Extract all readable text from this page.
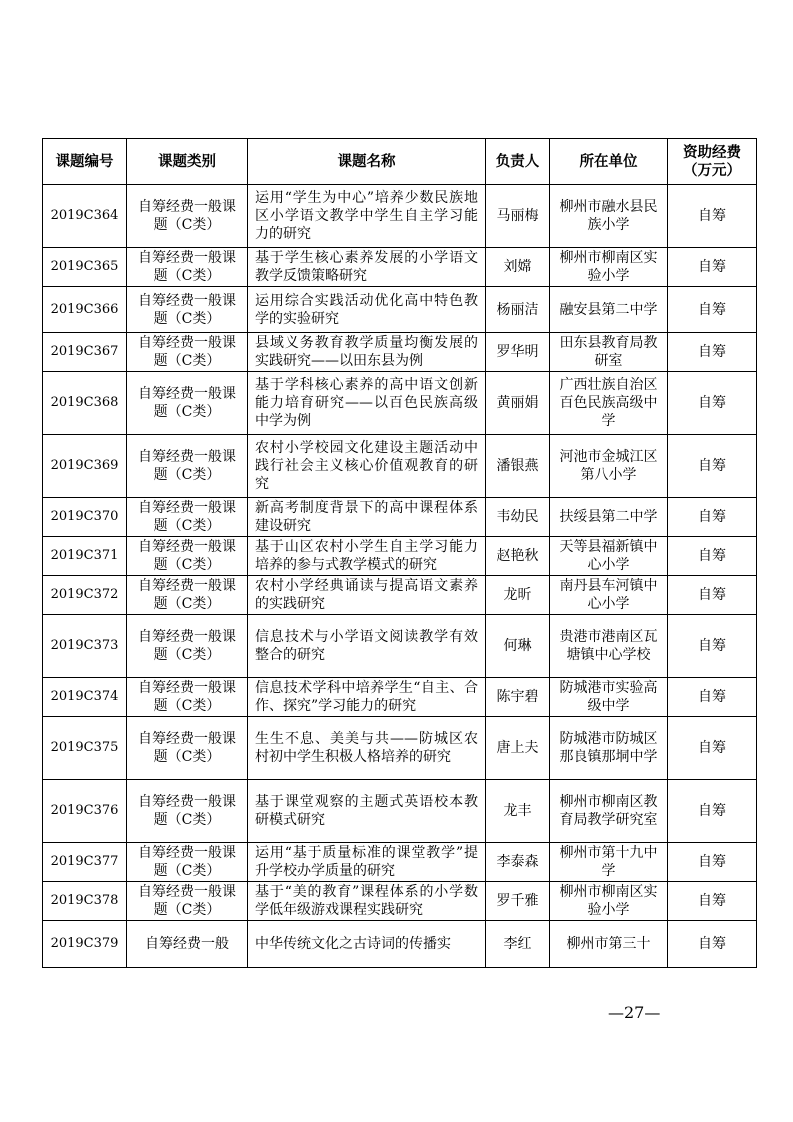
课题编号	课题类别	课题名称	负责人	所在单位	资助经费（万元）
2019C364	自筹经费一般课题（C类）	运用“学生为中心”培养少数民族地区小学语文教学中学生自主学习能力的研究	马丽梅	柳州市融水县民族小学	自筹
2019C365	自筹经费一般课题（C类）	基于学生核心素养发展的小学语文教学反馈策略研究	刘嫦	柳州市柳南区实验小学	自筹
2019C366	自筹经费一般课题（C类）	运用综合实践活动优化高中特色教学的实验研究	杨丽洁	融安县第二中学	自筹
2019C367	自筹经费一般课题（C类）	县域义务教育教学质量均衡发展的实践研究——以田东县为例	罗华明	田东县教育局教研室	自筹
2019C368	自筹经费一般课题（C类）	基于学科核心素养的高中语文创新能力培育研究——以百色民族高级中学为例	黄丽娟	广西壮族自治区百色民族高级中学	自筹
2019C369	自筹经费一般课题（C类）	农村小学校园文化建设主题活动中践行社会主义核心价值观教育的研究	潘银燕	河池市金城江区第八小学	自筹
2019C370	自筹经费一般课题（C类）	新高考制度背景下的高中课程体系建设研究	韦幼民	扶绥县第二中学	自筹
2019C371	自筹经费一般课题（C类）	基于山区农村小学生自主学习能力培养的参与式教学模式的研究	赵艳秋	天等县福新镇中心小学	自筹
2019C372	自筹经费一般课题（C类）	农村小学经典诵读与提高语文素养的实践研究	龙昕	南丹县车河镇中心小学	自筹
2019C373	自筹经费一般课题（C类）	信息技术与小学语文阅读教学有效整合的研究	何琳	贵港市港南区瓦塘镇中心学校	自筹
2019C374	自筹经费一般课题（C类）	信息技术学科中培养学生“自主、合作、探究”学习能力的研究	陈宇碧	防城港市实验高级中学	自筹
2019C375	自筹经费一般课题（C类）	生生不息、美美与共——防城区农村初中学生积极人格培养的研究	唐上夫	防城港市防城区那良镇那垌中学	自筹
2019C376	自筹经费一般课题（C类）	基于课堂观察的主题式英语校本教研模式研究	龙丰	柳州市柳南区教育局教学研究室	自筹
2019C377	自筹经费一般课题（C类）	运用“基于质量标准的课堂教学”提升学校办学质量的研究	李泰森	柳州市第十九中学	自筹
2019C378	自筹经费一般课题（C类）	基于“美的教育”课程体系的小学数学低年级游戏课程实践研究	罗千雅	柳州市柳南区实验小学	自筹
2019C379	自筹经费一般	中华传统文化之古诗词的传播实	李红	柳州市第三十	自筹
—27—
